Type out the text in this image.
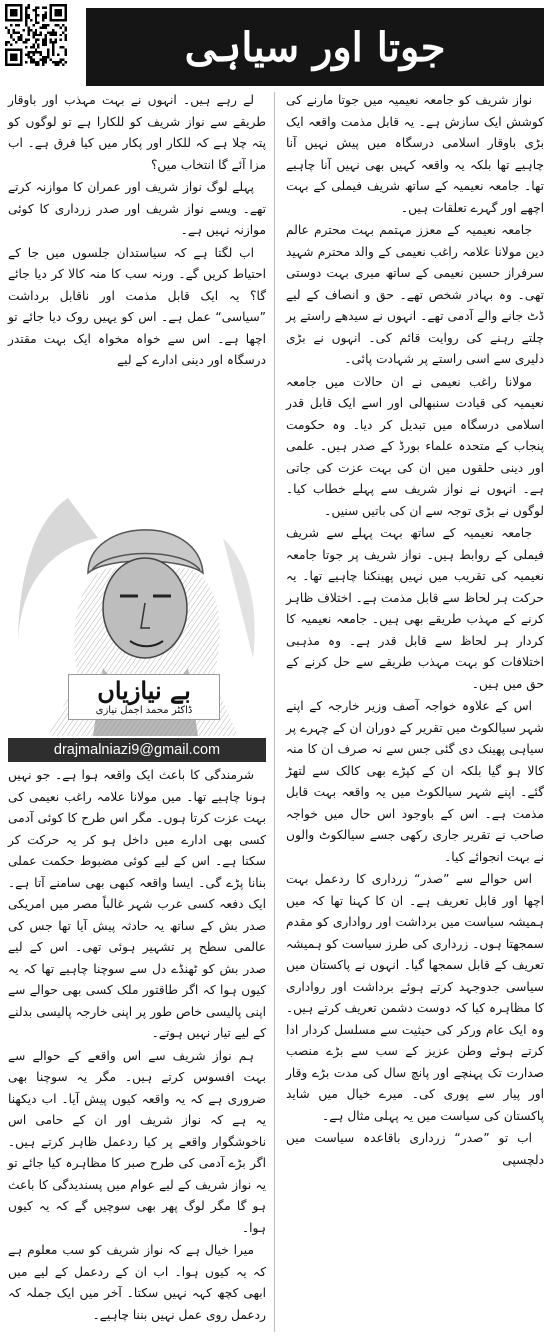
جوتا اور سیاہی

نواز شریف کو جامعہ نعیمیہ میں جوتا مارنے کی کوشش ایک سازش ہے۔ یہ قابل مذمت واقعہ ایک بڑی باوقار اسلامی درسگاہ میں پیش نہیں آنا چاہیے تھا بلکہ یہ واقعہ کہیں بھی نہیں آنا چاہیے تھا۔ جامعہ نعیمیہ کے ساتھ شریف فیملی کے بہت اچھے اور گہرے تعلقات ہیں۔

جامعہ نعیمیہ کے معزز مہتمم بہت محترم عالم دین مولانا علامہ راغب نعیمی کے والد محترم شہید سرفراز حسین نعیمی کے ساتھ میری بہت دوستی تھی۔ وہ بہادر شخص تھے۔ حق و انصاف کے لیے ڈٹ جانے والے آدمی تھے۔ انہوں نے سیدھے راستے پر چلتے رہنے کی روایت قائم کی۔ انہوں نے بڑی دلیری سے اسی راستے پر شہادت پائی۔

مولانا راغب نعیمی نے ان حالات میں جامعہ نعیمیہ کی قیادت سنبھالی اور اسے ایک قابل قدر اسلامی درسگاہ میں تبدیل کر دیا۔ وہ حکومت پنجاب کے متحدہ علماء بورڈ کے صدر ہیں۔ علمی اور دینی حلقوں میں ان کی بہت عزت کی جاتی ہے۔ انہوں نے نواز شریف سے پہلے خطاب کیا۔ لوگوں نے بڑی توجہ سے ان کی باتیں سنیں۔

جامعہ نعیمیہ کے ساتھ بہت پہلے سے شریف فیملی کے روابط ہیں۔ نواز شریف پر جوتا جامعہ نعیمیہ کی تقریب میں نہیں پھینکنا چاہیے تھا۔ یہ حرکت ہر لحاظ سے قابل مذمت ہے۔ اختلاف ظاہر کرنے کے مہذب طریقے بھی ہیں۔ جامعہ نعیمیہ کا کردار ہر لحاظ سے قابل قدر ہے۔ وہ مذہبی اختلافات کو بہت مہذب طریقے سے حل کرنے کے حق میں ہیں۔

اس کے علاوہ خواجہ آصف وزیر خارجہ کے اپنے شہر سیالکوٹ میں تقریر کے دوران ان کے چہرے پر سیاہی پھینک دی گئی جس سے نہ صرف ان کا منہ کالا ہو گیا بلکہ ان کے کپڑے بھی کالک سے لتھڑ گئے۔ اپنے شہر سیالکوٹ میں یہ واقعہ بہت قابل مذمت ہے۔ اس کے باوجود اس حال میں خواجہ صاحب نے تقریر جاری رکھی جسے سیالکوٹ والوں نے بہت انجوائے کیا۔

اس حوالے سے ”صدر“ زرداری کا ردعمل بہت اچھا اور قابل تعریف ہے۔ ان کا کہنا تھا کہ میں ہمیشہ سیاست میں برداشت اور رواداری کو مقدم سمجھتا ہوں۔ زرداری کی طرز سیاست کو ہمیشہ تعریف کے قابل سمجھا گیا۔ انہوں نے پاکستان میں سیاسی جدوجہد کرتے ہوئے برداشت اور رواداری کا مظاہرہ کیا کہ دوست دشمن تعریف کرتے ہیں۔ وہ ایک عام ورکر کی حیثیت سے مسلسل کردار ادا کرتے ہوئے وطن عزیز کے سب سے بڑے منصب صدارت تک پہنچے اور پانچ سال کی مدت بڑے وقار اور پیار سے پوری کی۔ میرے خیال میں شاید پاکستان کی سیاست میں یہ پہلی مثال ہے۔

اب تو ”صدر“ زرداری باقاعدہ سیاست میں دلچسپی

لے رہے ہیں۔ انہوں نے بہت مہذب اور باوقار طریقے سے نواز شریف کو للکارا ہے تو لوگوں کو پتہ چلا ہے کہ للکار اور پکار میں کیا فرق ہے۔ اب مزا آئے گا انتخاب میں؟

پہلے لوگ نواز شریف اور عمران کا موازنہ کرتے تھے۔ ویسے نواز شریف اور صدر زرداری کا کوئی موازنہ نہیں ہے۔

اب لگتا ہے کہ سیاستدان جلسوں میں جا کے احتیاط کریں گے۔ ورنہ سب کا منہ کالا کر دیا جائے گا؟ یہ ایک قابل مذمت اور ناقابل برداشت ”سیاسی“ عمل ہے۔ اس کو یہیں روک دیا جائے تو اچھا ہے۔ اس سے خواہ مخواہ ایک بہت مقتدر درسگاہ اور دینی ادارے کے لیے

بے نیازیاں
ڈاکٹر محمد اجمل نیازی
drajmalniazi9@gmail.com

شرمندگی کا باعث ایک واقعہ ہوا ہے۔ جو نہیں ہونا چاہیے تھا۔ میں مولانا علامہ راغب نعیمی کی بہت عزت کرتا ہوں۔ مگر اس طرح کا کوئی آدمی کسی بھی ادارے میں داخل ہو کر یہ حرکت کر سکتا ہے۔ اس کے لیے کوئی مضبوط حکمت عملی بنانا پڑے گی۔ ایسا واقعہ کبھی بھی سامنے آتا ہے۔ ایک دفعہ کسی عرب شہر غالباً مصر میں امریکی صدر بش کے ساتھ یہ حادثہ پیش آیا تھا جس کی عالمی سطح پر تشہیر ہوئی تھی۔ اس کے لیے صدر بش کو ٹھنڈے دل سے سوچنا چاہیے تھا کہ یہ کیوں ہوا کہ اگر طاقتور ملک کسی بھی حوالے سے اپنی پالیسی خاص طور پر اپنی خارجہ پالیسی بدلنے کے لیے تیار نہیں ہوتے۔

ہم نواز شریف سے اس واقعے کے حوالے سے بہت افسوس کرتے ہیں۔ مگر یہ سوچنا بھی ضروری ہے کہ یہ واقعہ کیوں پیش آیا۔ اب دیکھنا یہ ہے کہ نواز شریف اور ان کے حامی اس ناخوشگوار واقعے پر کیا ردعمل ظاہر کرتے ہیں۔ اگر بڑے آدمی کی طرح صبر کا مظاہرہ کیا جائے تو یہ نواز شریف کے لیے عوام میں پسندیدگی کا باعث ہو گا مگر لوگ پھر بھی سوچیں گے کہ یہ کیوں ہوا۔

میرا خیال ہے کہ نواز شریف کو سب معلوم ہے کہ یہ کیوں ہوا۔ اب ان کے ردعمل کے لیے میں ابھی کچھ کہہ نہیں سکتا۔ آخر میں ایک جملہ کہ ردعمل روی عمل نہیں بننا چاہیے۔
